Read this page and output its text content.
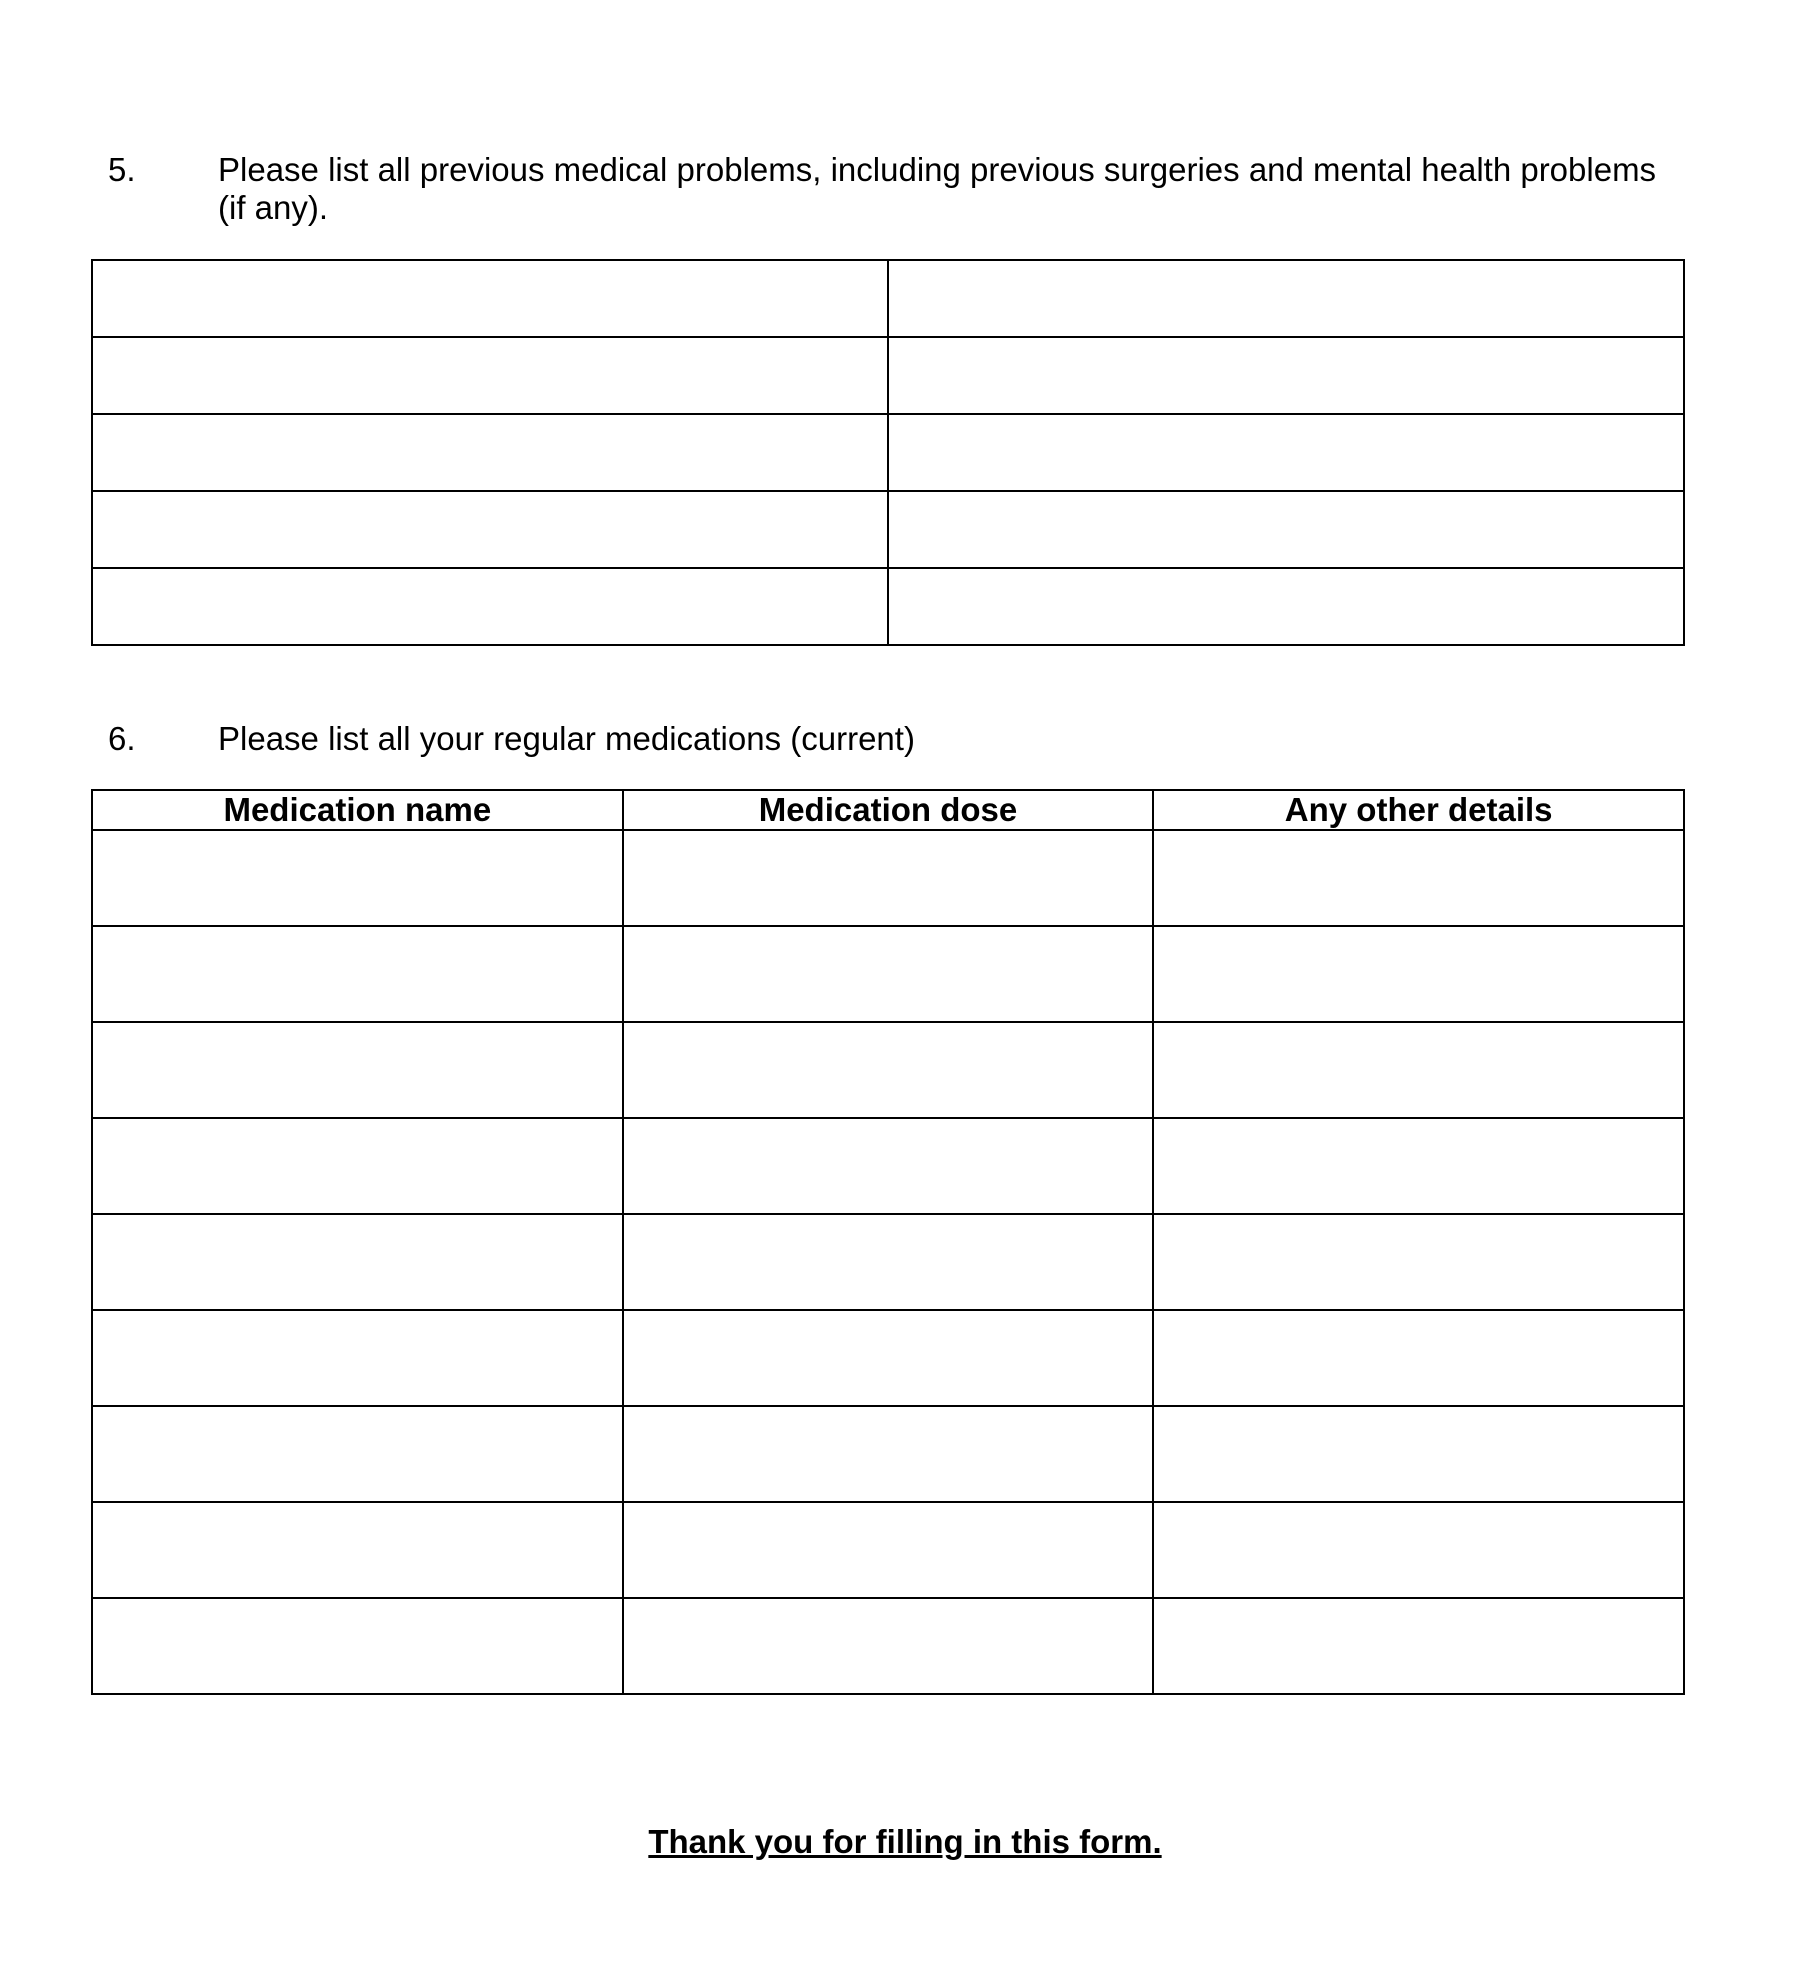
5. Please list all previous medical problems, including previous surgeries and mental health problems
(if any).

6. Please list all your regular medications (current)
Medication name	Medication dose	Any other details

Thank you for filling in this form.
